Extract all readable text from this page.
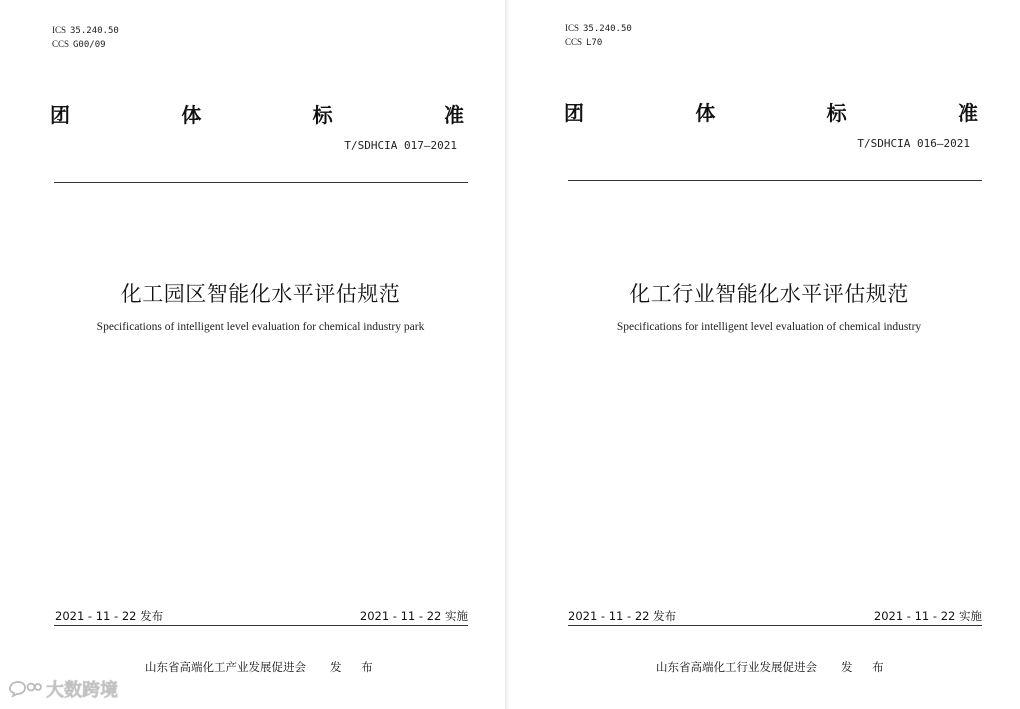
ICS 35.240.50
CCS G00/09
团	体	标	准
T/SDHCIA 017—2021
化工园区智能化水平评估规范
Specifications of intelligent level evaluation for chemical industry park
2021 - 11 - 22 发布	2021 - 11 - 22 实施
山东省高端化工产业发展促进会 发 布
ICS 35.240.50
CCS L70
团	体	标	准
T/SDHCIA 016—2021
化工行业智能化水平评估规范
Specifications for intelligent level evaluation of chemical industry
2021 - 11 - 22 发布	2021 - 11 - 22 实施
山东省高端化工行业发展促进会 发 布
大数跨境
